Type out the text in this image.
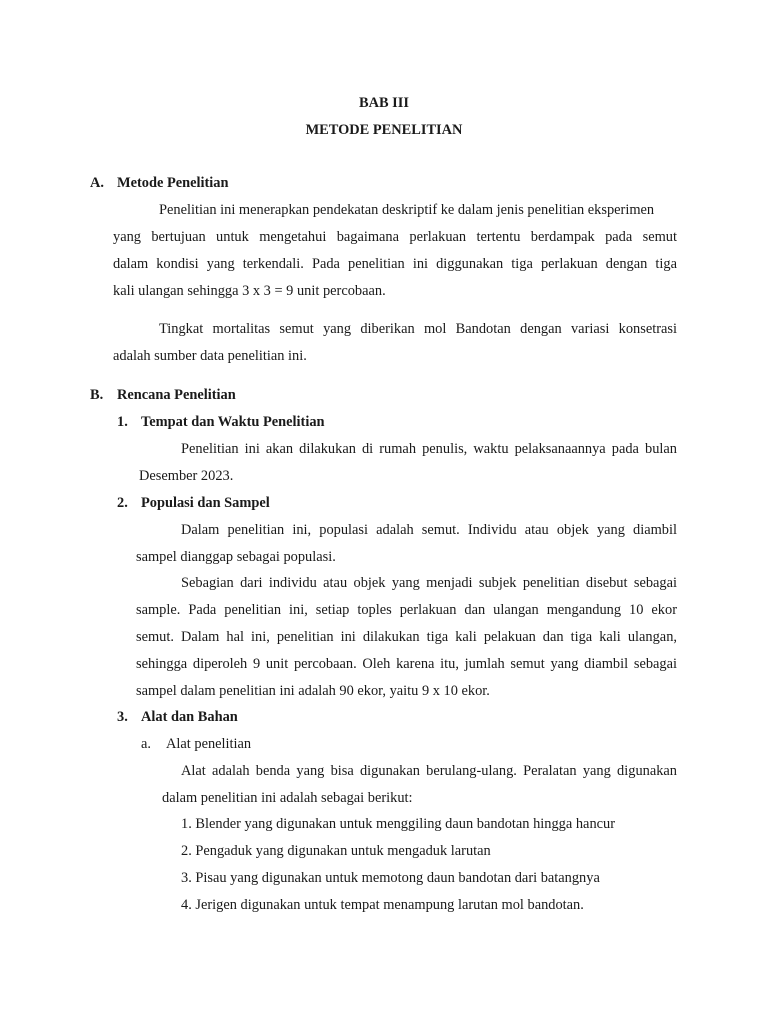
BAB III
METODE PENELITIAN
A. Metode Penelitian
Penelitian ini menerapkan pendekatan deskriptif ke dalam jenis penelitian eksperimen
yang bertujuan untuk mengetahui bagaimana perlakuan tertentu berdampak pada semut
dalam kondisi yang terkendali. Pada penelitian ini diggunakan tiga perlakuan dengan tiga
kali ulangan sehingga 3 x 3 = 9 unit percobaan.
Tingkat mortalitas semut yang diberikan mol Bandotan dengan variasi konsetrasi
adalah sumber data penelitian ini.
B. Rencana Penelitian
1. Tempat dan Waktu Penelitian
Penelitian ini akan dilakukan di rumah penulis, waktu pelaksanaannya pada bulan
Desember 2023.
2. Populasi dan Sampel
Dalam penelitian ini, populasi adalah semut. Individu atau objek yang diambil
sampel dianggap sebagai populasi.
Sebagian dari individu atau objek yang menjadi subjek penelitian disebut sebagai
sample. Pada penelitian ini, setiap toples perlakuan dan ulangan mengandung 10 ekor
semut. Dalam hal ini, penelitian ini dilakukan tiga kali pelakuan dan tiga kali ulangan,
sehingga diperoleh 9 unit percobaan. Oleh karena itu, jumlah semut yang diambil sebagai
sampel dalam penelitian ini adalah 90 ekor, yaitu 9 x 10 ekor.
3. Alat dan Bahan
a. Alat penelitian
Alat adalah benda yang bisa digunakan berulang-ulang. Peralatan yang digunakan
dalam penelitian ini adalah sebagai berikut:
1. Blender yang digunakan untuk menggiling daun bandotan hingga hancur
2. Pengaduk yang digunakan untuk mengaduk larutan
3. Pisau yang digunakan untuk memotong daun bandotan dari batangnya
4. Jerigen digunakan untuk tempat menampung larutan mol bandotan.
